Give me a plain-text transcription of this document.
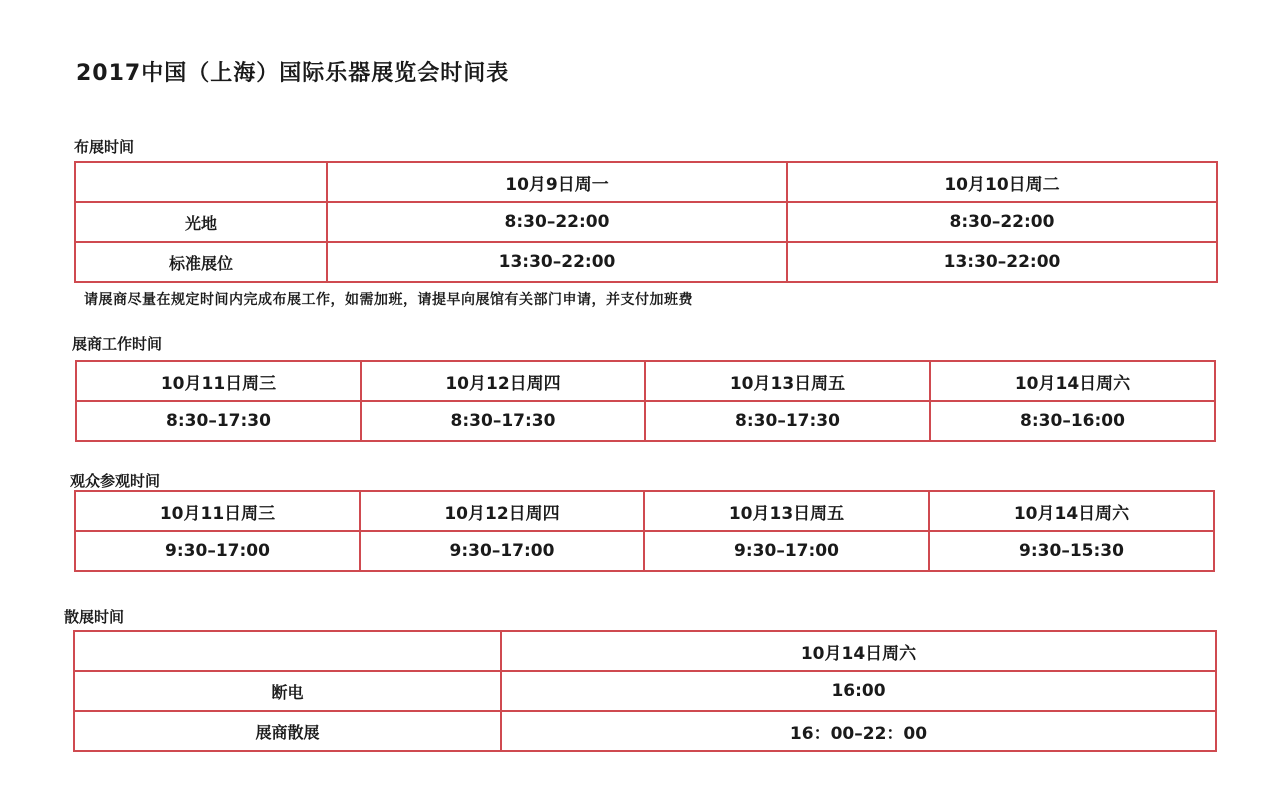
2017中国（上海）国际乐器展览会时间表
布展时间
	10月9日周一	10月10日周二
光地	8:30–22:00	8:30–22:00
标准展位	13:30–22:00	13:30–22:00
请展商尽量在规定时间内完成布展工作，如需加班，请提早向展馆有关部门申请，并支付加班费
展商工作时间
10月11日周三	10月12日周四	10月13日周五	10月14日周六
8:30–17:30	8:30–17:30	8:30–17:30	8:30–16:00
观众参观时间
10月11日周三	10月12日周四	10月13日周五	10月14日周六
9:30–17:00	9:30–17:00	9:30–17:00	9:30–15:30
散展时间
	10月14日周六
断电	16:00
展商散展	16：00–22：00
